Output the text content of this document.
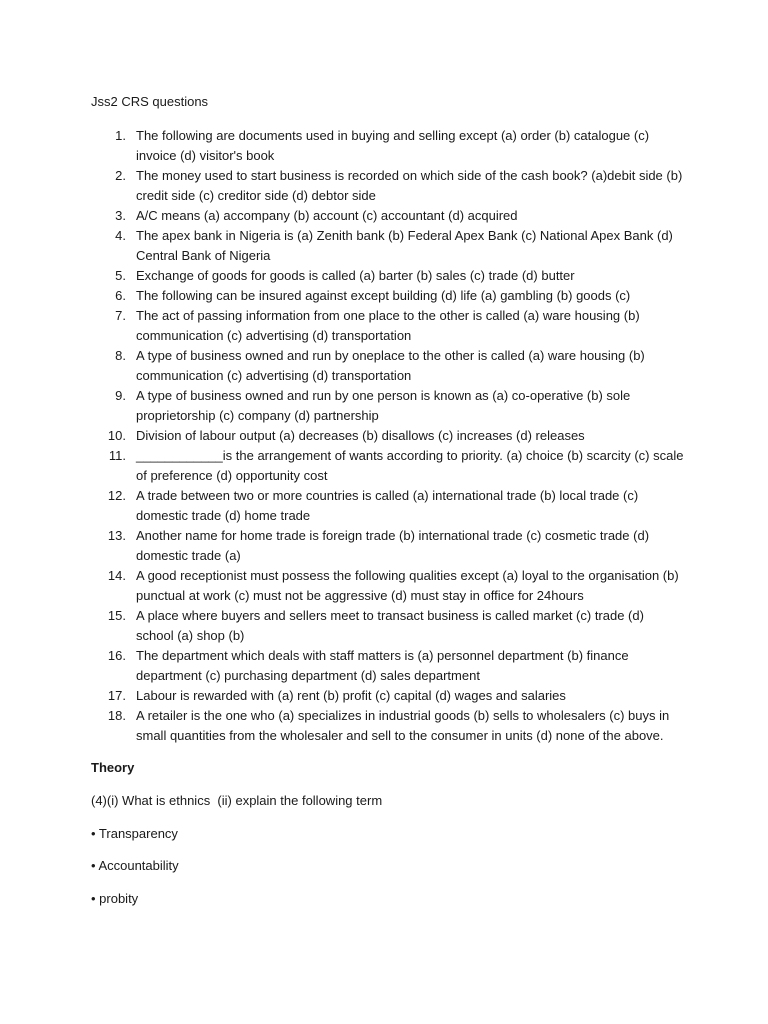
Jss2 CRS questions
1. The following are documents used in buying and selling except (a) order (b) catalogue (c) invoice (d) visitor's book
2. The money used to start business is recorded on which side of the cash book? (a)debit side (b) credit side (c) creditor side (d) debtor side
3. A/C means (a) accompany (b) account (c) accountant (d) acquired
4. The apex bank in Nigeria is (a) Zenith bank (b) Federal Apex Bank (c) National Apex Bank (d) Central Bank of Nigeria
5. Exchange of goods for goods is called (a) barter (b) sales (c) trade (d) butter
6. The following can be insured against except building (d) life (a) gambling (b) goods (c)
7. The act of passing information from one place to the other is called (a) ware housing (b) communication (c) advertising (d) transportation
8. A type of business owned and run by oneplace to the other is called (a) ware housing (b) communication (c) advertising (d) transportation
9. A type of business owned and run by one person is known as (a) co-operative (b) sole proprietorship (c) company (d) partnership
10. Division of labour output (a) decreases (b) disallows (c) increases (d) releases
11. ____________is the arrangement of wants according to priority. (a) choice (b) scarcity (c) scale of preference (d) opportunity cost
12. A trade between two or more countries is called (a) international trade (b) local trade (c) domestic trade (d) home trade
13. Another name for home trade is foreign trade (b) international trade (c) cosmetic trade (d) domestic trade (a)
14. A good receptionist must possess the following qualities except (a) loyal to the organisation (b) punctual at work (c) must not be aggressive (d) must stay in office for 24hours
15. A place where buyers and sellers meet to transact business is called market (c) trade (d) school (a) shop (b)
16. The department which deals with staff matters is (a) personnel department (b) finance department (c) purchasing department (d) sales department
17. Labour is rewarded with (a) rent (b) profit (c) capital (d) wages and salaries
18. A retailer is the one who (a) specializes in industrial goods (b) sells to wholesalers (c) buys in small quantities from the wholesaler and sell to the consumer in units (d) none of the above.
Theory

(4)(i) What is ethnics  (ii) explain the following term

• Transparency

• Accountability

• probity
